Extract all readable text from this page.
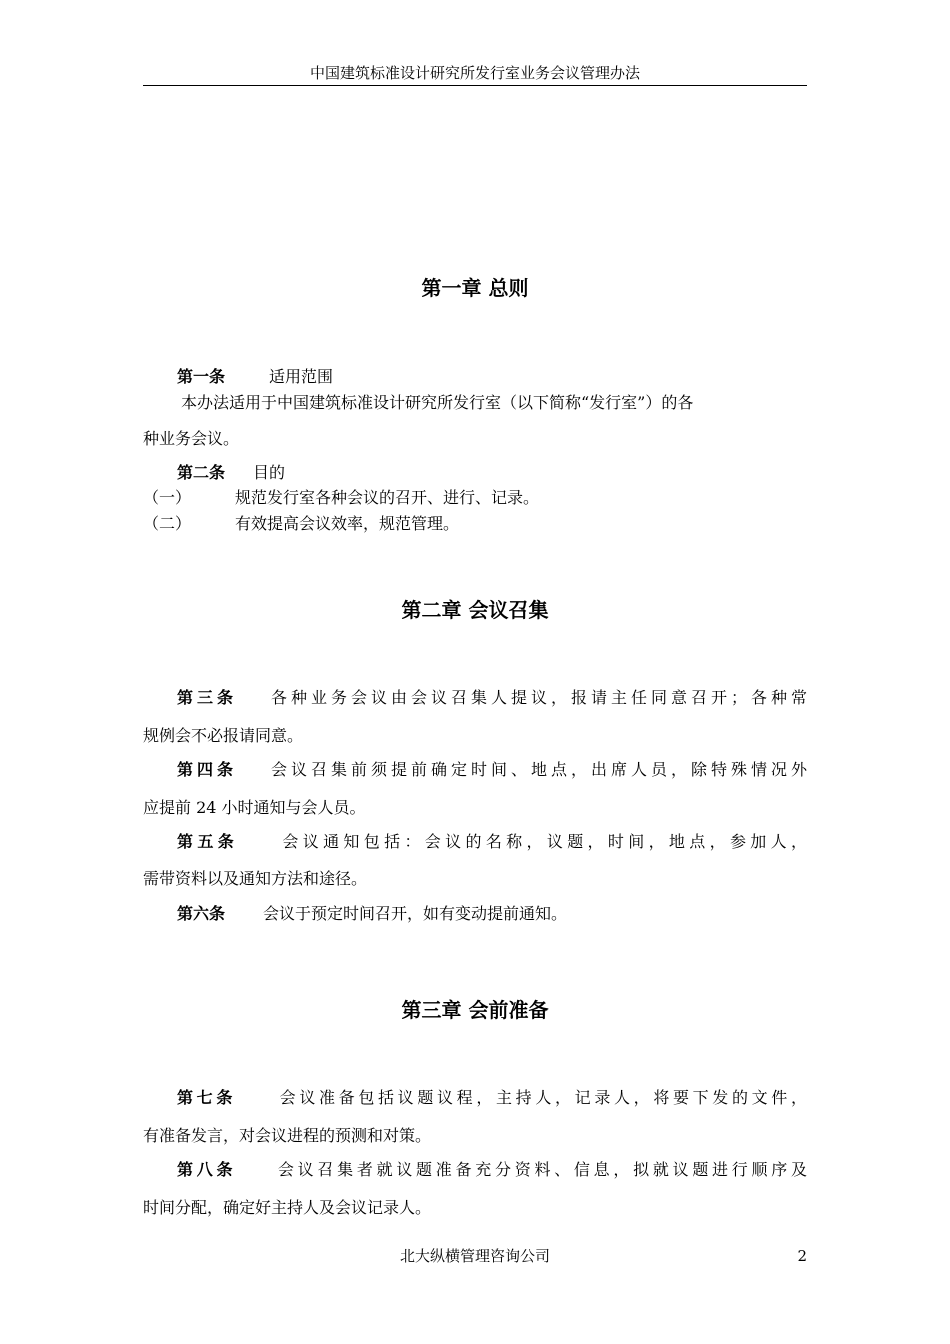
中国建筑标准设计研究所发行室业务会议管理办法
第一章 总则
第一条	适用范围
本办法适用于中国建筑标准设计研究所发行室（以下简称“发行室”）的各
种业务会议。
第二条 目的
（一）	规范发行室各种会议的召开、进行、记录。
（二）	有效提高会议效率，规范管理。
第二章 会议召集
第三条 各种业务会议由会议召集人提议，报请主任同意召开；各种常
规例会不必报请同意。
第四条 会议召集前须提前确定时间、地点，出席人员，除特殊情况外
应提前 24 小时通知与会人员。
第五条	会议通知包括：会议的名称，议题，时间，地点，参加人，
需带资料以及通知方法和途径。
第六条 会议于预定时间召开，如有变动提前通知。
第三章 会前准备
第七条	会议准备包括议题议程，主持人，记录人，将要下发的文件，
有准备发言，对会议进程的预测和对策。
第八条 会议召集者就议题准备充分资料、信息，拟就议题进行顺序及
时间分配，确定好主持人及会议记录人。
北大纵横管理咨询公司	2
